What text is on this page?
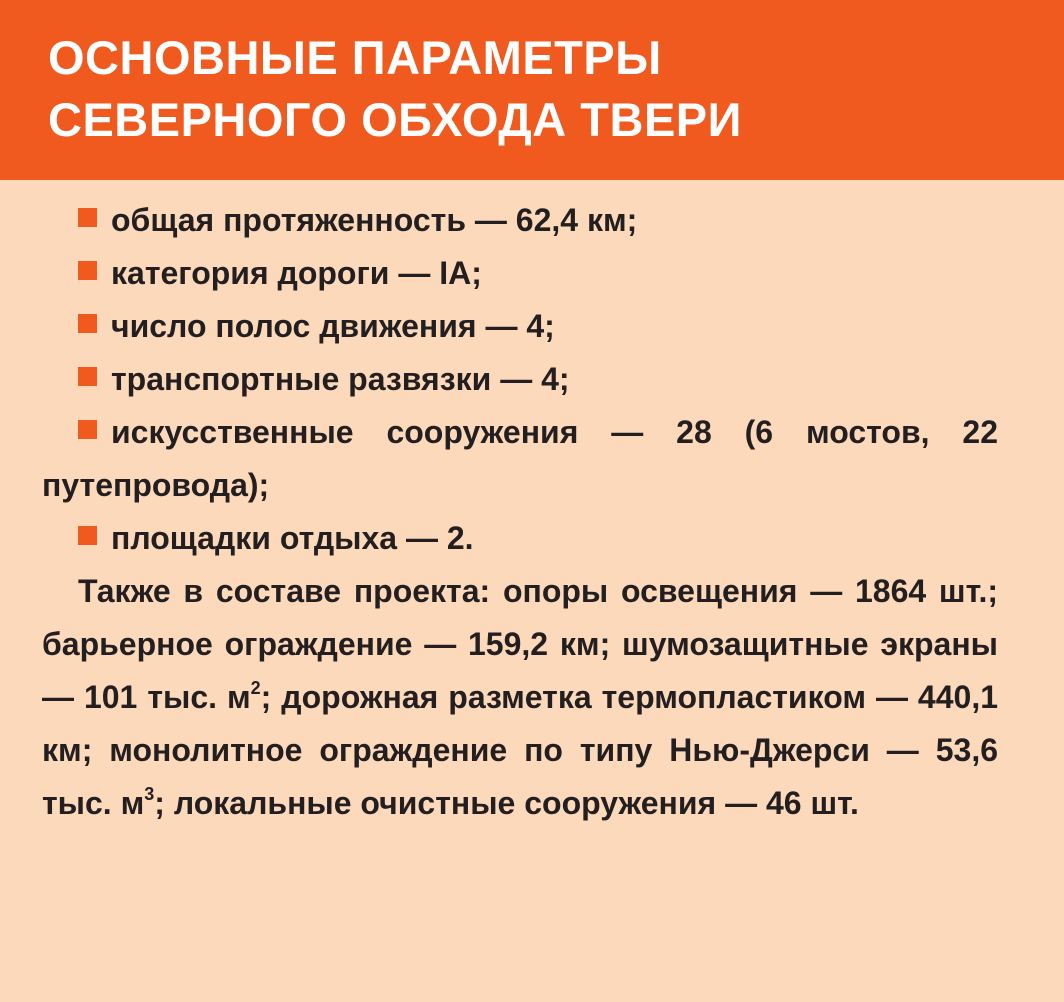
ОСНОВНЫЕ ПАРАМЕТРЫ
СЕВЕРНОГО ОБХОДА ТВЕРИ
общая протяженность — 62,4 км;
категория дороги — IА;
число полос движения — 4;
транспортные развязки — 4;
искусственные сооружения — 28 (6 мостов, 22 путепровода);
площадки отдыха — 2.

Также в составе проекта: опоры освещения — 1864 шт.; барьерное ограждение — 159,2 км; шумозащитные экраны — 101 тыс. $м^2$; дорожная разметка термопластиком — 440,1 км; монолитное ограждение по типу Нью-Джерси — 53,6 тыс. $м^3$; локальные очистные сооружения — 46 шт.
